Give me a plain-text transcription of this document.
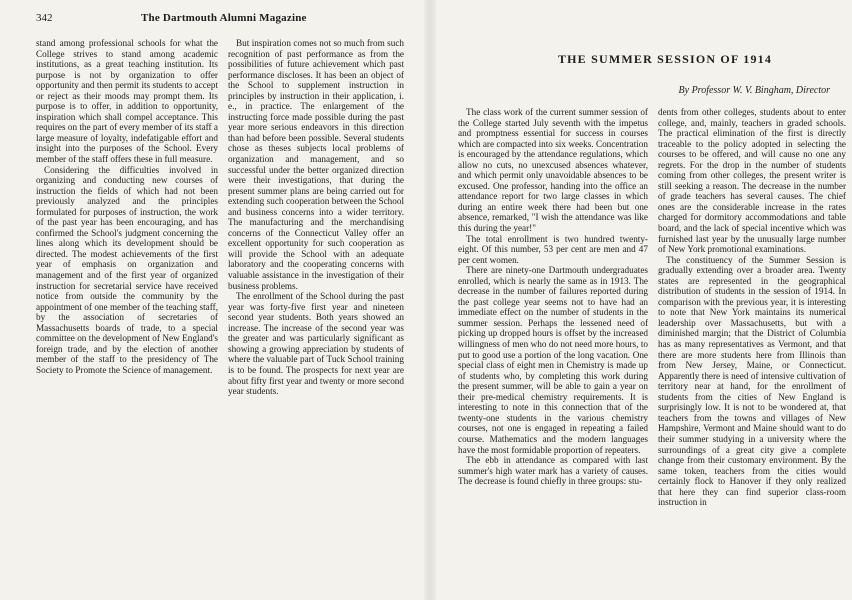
342	The Dartmouth Alumni Magazine

stand among professional schools for what the College strives to stand among academic institutions, as a great teaching institution. Its purpose is not by organization to offer opportunity and then permit its students to accept or reject as their moods may prompt them. Its purpose is to offer, in addition to opportunity, inspiration which shall compel acceptance. This requires on the part of every member of its staff a large measure of loyalty, indefatigable effort and insight into the purposes of the School. Every member of the staff offers these in full measure.

Considering the difficulties involved in organizing and conducting new courses of instruction the fields of which had not been previously analyzed and the principles formulated for purposes of instruction, the work of the past year has been encouraging, and has confirmed the School's judgment concerning the lines along which its development should be directed. The modest achievements of the first year of emphasis on organization and management and of the first year of organized instruction for secretarial service have received notice from outside the community by the appointment of one member of the teaching staff, by the association of secretaries of Massachusetts boards of trade, to a special committee on the development of New England's foreign trade, and by the election of another member of the staff to the presidency of The Society to Promote the Science of management.

But inspiration comes not so much from such recognition of past performance as from the possibilities of future achievement which past performance discloses. It has been an object of the School to supplement instruction in principles by instruction in their application, i. e., in practice. The enlargement of the instructing force made possible during the past year more serious endeavors in this direction than had before been possible. Several students chose as theses subjects local problems of organization and management, and so successful under the better organized direction were their investigations, that during the present summer plans are being carried out for extending such cooperation between the School and business concerns into a wider territory. The manufacturing and the merchandising concerns of the Connecticut Valley offer an excellent opportunity for such cooperation as will provide the School with an adequate laboratory and the cooperating concerns with valuable assistance in the investigation of their business problems.

The enrollment of the School during the past year was forty-five first year and nineteen second year students. Both years showed an increase. The increase of the second year was the greater and was particularly significant as showing a growing appreciation by students of where the valuable part of Tuck School training is to be found. The prospects for next year are about fifty first year and twenty or more second year students.

THE SUMMER SESSION OF 1914
By Professor W. V. Bingham, Director

The class work of the current summer session of the College started July seventh with the impetus and promptness essential for success in courses which are compacted into six weeks. Concentration is encouraged by the attendance regulations, which allow no cuts, no unexcused absences whatever, and which permit only unavoidable absences to be excused. One professor, handing into the office an attendance report for two large classes in which during an entire week there had been but one absence, remarked, "I wish the attendance was like this during the year!"

The total enrollment is two hundred twenty-eight. Of this number, 53 per cent are men and 47 per cent women.

There are ninety-one Dartmouth undergraduates enrolled, which is nearly the same as in 1913. The decrease in the number of failures reported during the past college year seems not to have had an immediate effect on the number of students in the summer session. Perhaps the lessened need of picking up dropped hours is offset by the increased willingness of men who do not need more hours, to put to good use a portion of the long vacation. One special class of eight men in Chemistry is made up of students who, by completing this work during the present summer, will be able to gain a year on their pre-medical chemistry requirements. It is interesting to note in this connection that of the twenty-one students in the various chemistry courses, not one is engaged in repeating a failed course. Mathematics and the modern languages have the most formidable proportion of repeaters.

The ebb in attendance as compared with last summer's high water mark has a variety of causes. The decrease is found chiefly in three groups: stu-

dents from other colleges, students about to enter college, and, mainly, teachers in graded schools. The practical elimination of the first is directly traceable to the policy adopted in selecting the courses to be offered, and will cause no one any regrets. For the drop in the number of students coming from other colleges, the present writer is still seeking a reason. The decrease in the number of grade teachers has several causes. The chief ones are the considerable increase in the rates charged for dormitory accommodations and table board, and the lack of special incentive which was furnished last year by the unusually large number of New York promotional examinations.

The constituency of the Summer Session is gradually extending over a broader area. Twenty states are represented in the geographical distribution of students in the session of 1914. In comparison with the previous year, it is interesting to note that New York maintains its numerical leadership over Massachusetts, but with a diminished margin; that the District of Columbia has as many representatives as Vermont, and that there are more students here from Illinois than from New Jersey, Maine, or Connecticut. Apparently there is need of intensive cultivation of territory near at hand, for the enrollment of students from the cities of New England is surprisingly low. It is not to be wondered at, that teachers from the towns and villages of New Hampshire, Vermont and Maine should want to do their summer studying in a university where the surroundings of a great city give a complete change from their customary environment. By the same token, teachers from the cities would certainly flock to Hanover if they only realized that here they can find superior class-room instruction in
